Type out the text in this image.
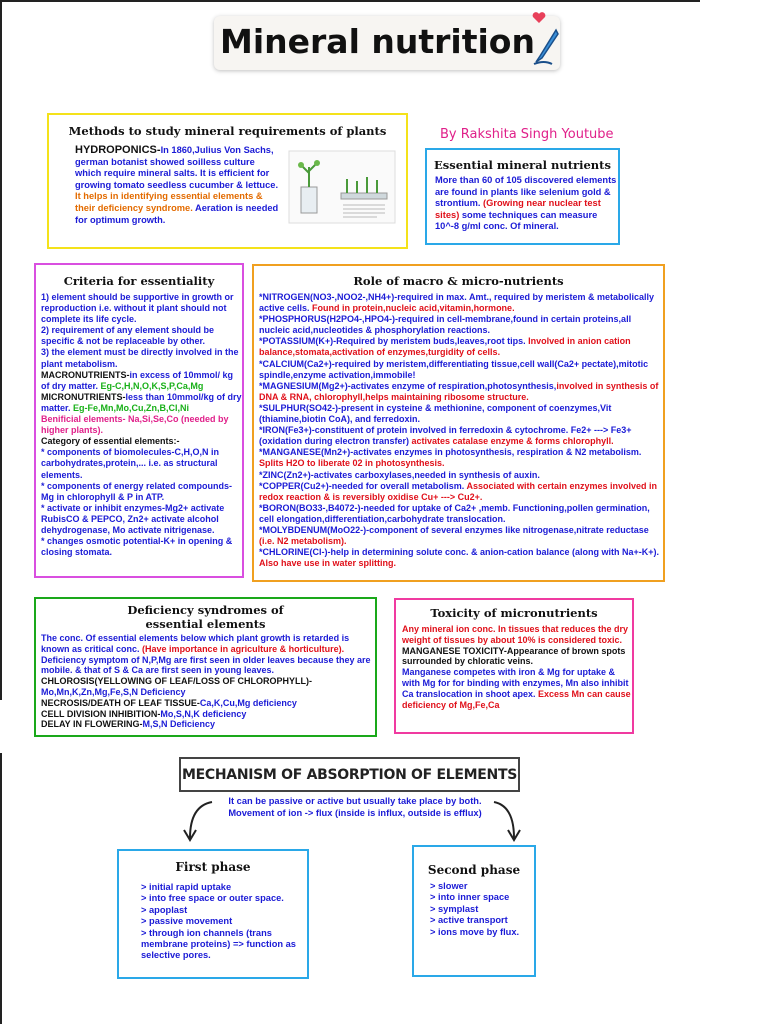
Mineral nutrition
By Rakshita Singh Youtube
Methods to study mineral requirements of plants
HYDROPONICS-In 1860,Julius Von Sachs, german botanist showed soilless culture which require mineral salts. It is efficient for growing tomato seedless cucumber & lettuce. It helps in identifying essential elements & their deficiency syndrome. Aeration is needed for optimum growth.
Essential mineral nutrients
More than 60 of 105 discovered elements are found in plants like selenium gold & strontium. (Growing near nuclear test sites) some techniques can measure 10^-8 g/ml conc. Of mineral.
Criteria for essentiality

1) element should be supportive in growth or reproduction i.e. without it plant should not complete its life cycle.

2) requirement of any element should be specific & not be replaceable by other.

3) the element must be directly involved in the plant metabolism.

MACRONUTRIENTS-in excess of 10mmol/ kg of dry matter. Eg-C,H,N,O,K,S,P,Ca,Mg

MICRONUTRIENTS-less than 10mmol/kg of dry matter. Eg-Fe,Mn,Mo,Cu,Zn,B,Cl,Ni

Benificial elements- Na,Si,Se,Co (needed by higher plants).

Category of essential elements:-

* components of biomolecules-C,H,O,N in carbohydrates,protein,... i.e. as structural elements.

* components of energy related compounds-Mg in chlorophyll & P in ATP.

* activate or inhibit enzymes-Mg2+ activate RubisCO & PEPCO, Zn2+ activate alcohol dehydrogenase, Mo activate nitrigenase.

* changes osmotic potential-K+ in opening & closing stomata.

Role of macro & micro-nutrients

*NITROGEN(NO3-,NOO2-,NH4+)-required in max. Amt., required by meristem & metabolically active cells. Found in protein,nucleic acid,vitamin,hormone.

*PHOSPHORUS(H2PO4-,HPO4-)-required in cell-membrane,found in certain proteins,all nucleic acid,nucleotides & phosphorylation reactions.

*POTASSIUM(K+)-Required by meristem buds,leaves,root tips. Involved in anion cation balance,stomata,activation of enzymes,turgidity of cells.

*CALCIUM(Ca2+)-required by meristem,differentiating tissue,cell wall(Ca2+ pectate),mitotic spindle,enzyme activation,immobile!

*MAGNESIUM(Mg2+)-activates enzyme of respiration,photosynthesis,involved in synthesis of DNA & RNA, chlorophyll,helps maintaining ribosome structure.

*SULPHUR(SO42-)-present in cysteine & methionine, component of coenzymes,Vit (thiamine,biotin CoA), and ferredoxin.

*IRON(Fe3+)-constituent of protein involved in ferredoxin & cytochrome. Fe2+ ---> Fe3+ (oxidation during electron transfer) activates catalase enzyme & forms chlorophyll.

*MANGANESE(Mn2+)-activates enzymes in photosynthesis, respiration & N2 metabolism. Splits H2O to liberate 02 in photosynthesis.

*ZINC(Zn2+)-activates carboxylases,needed in synthesis of auxin.

*COPPER(Cu2+)-needed for overall metabolism. Associated with certain enzymes involved in redox reaction & is reversibly oxidise Cu+ ---> Cu2+.

*BORON(BO33-,B4072-)-needed for uptake of Ca2+ ,memb. Functioning,pollen germination, cell elongation,differentiation,carbohydrate translocation.

*MOLYBDENUM(MoO22-)-component of several enzymes like nitrogenase,nitrate reductase (i.e. N2 metabolism).

*CHLORINE(Cl-)-help in determining solute conc. & anion-cation balance (along with Na+-K+). Also have use in water splitting.

Deficiency syndromes of
essential elements

The conc. Of essential elements below which plant growth is retarded is known as critical conc. (Have importance in agriculture & horticulture).

Deficiency symptom of N,P,Mg are first seen in older leaves because they are mobile. & that of S & Ca are first seen in young leaves.

CHLOROSIS(YELLOWING OF LEAF/LOSS OF CHLOROPHYLL)-
Mo,Mn,K,Zn,Mg,Fe,S,N Deficiency

NECROSIS/DEATH OF LEAF TISSUE-Ca,K,Cu,Mg deficiency

CELL DIVISION INHIBITION-Mo,S,N,K deficiency

DELAY IN FLOWERING-M,S,N Deficiency

Toxicity of micronutrients

Any mineral ion conc. In tissues that reduces the dry weight of tissues by about 10% is considered toxic.

MANGANESE TOXICITY-Appearance of brown spots surrounded by chloratic veins.

Manganese competes with iron & Mg for uptake & with Mg for for binding with enzymes, Mn also inhibit Ca translocation in shoot apex. Excess Mn can cause deficiency of Mg,Fe,Ca

MECHANISM OF ABSORPTION OF ELEMENTS

It can be passive or active but usually take place by both.

Movement of ion -> flux (inside is influx, outside is efflux)

First phase

> initial rapid uptake

> into free space or outer space.

> apoplast

> passive movement

> through ion channels (trans membrane proteins) => function as selective pores.

Second phase

> slower

> into inner space

> symplast

> active transport

> ions move by flux.
